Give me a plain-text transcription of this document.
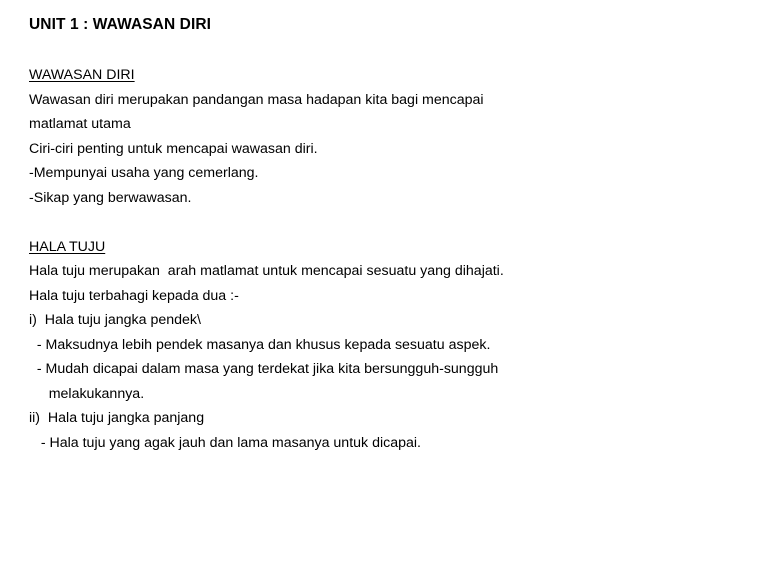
UNIT 1 : WAWASAN DIRI
WAWASAN DIRI
Wawasan diri merupakan pandangan masa hadapan kita bagi mencapai
matlamat utama
Ciri-ciri penting untuk mencapai wawasan diri.
-Mempunyai usaha yang cemerlang.
-Sikap yang berwawasan.
HALA TUJU
Hala tuju merupakan  arah matlamat untuk mencapai sesuatu yang dihajati.
Hala tuju terbahagi kepada dua :-
i)  Hala tuju jangka pendek\
- Maksudnya lebih pendek masanya dan khusus kepada sesuatu aspek.
- Mudah dicapai dalam masa yang terdekat jika kita bersungguh-sungguh
melakukannya.
ii)  Hala tuju jangka panjang
- Hala tuju yang agak jauh dan lama masanya untuk dicapai.
